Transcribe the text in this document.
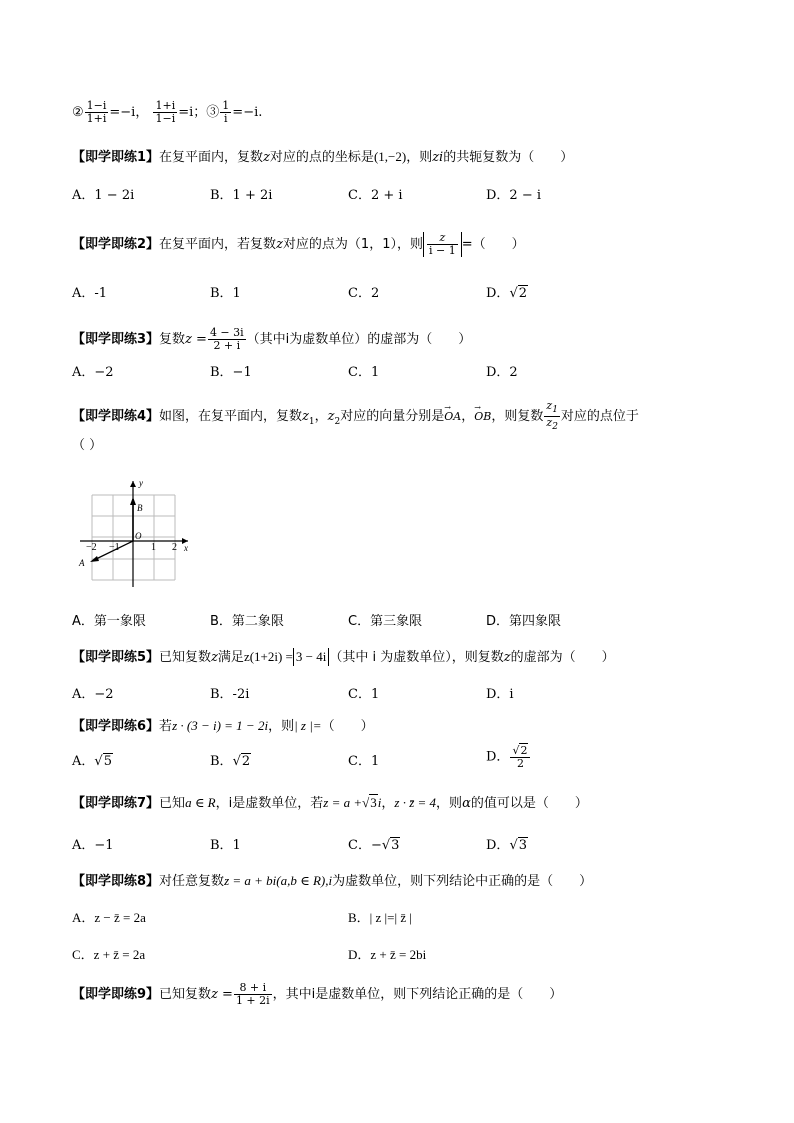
② $\frac{1-i}{1+i} =-i$， $\frac{1+i}{1-i} =i$；③ $\frac{1}{i} =-i$.
【即学即练1】在复平面内，复数z对应的点的坐标是(1,−2)，则zi的共轭复数为（　　）
A．1 − 2i	B．1 + 2i	C．2 + i	D．2 − i
【即学即练2】在复平面内，若复数z对应的点为（1，1），则 $\frac{z}{i - 1}$ =（　　）
A．-1	B．1	C．2	D．√2
【即学即练3】复数$z = \frac{4 - 3i}{2 + i}$ （其中i为虚数单位）的虚部为（　　）
A．−2	B．−1	C．1	D．2
【即学即练4】如图，在复平面内，复数$z_1$，$z_2$对应的向量分别是→ OA，→ OB，则复数 $\frac{z_1}{z_2}$ 对应的点位于
（ ）
y
x
O
B
A
−2 −1	1 2
A．第一象限	B．第二象限	C．第三象限	D．第四象限
【即学即练5】已知复数z满足z(1+2i) = 3 − 4i （其中 i 为虚数单位），则复数z的虚部为（　　）
A．−2	B．-2i	C．1	D．i
【即学即练6】若z · (3 − i) = 1 − 2i，则| z |=（　　）
A．√5	B．√2	C．1	D． $\frac{√2}{2}$
【即学即练7】已知a ∈ R，i是虚数单位，若z = a +√3i，z · z̄ = 4，则α的值可以是（　　）
A．−1	B．1	C．−√3	D．√3
【即学即练8】对任意复数z = a + bi(a,b ∈ R),i为虚数单位，则下列结论中正确的是（　　）
A．z − z̄ = 2a	B．| z |=| z̄ |
C．z + z̄ = 2a	D．z + z̄ = 2bi
【即学即练9】已知复数$z = \frac{8 + i}{1 + 2i}$ ，其中i是虚数单位，则下列结论正确的是（　　）
